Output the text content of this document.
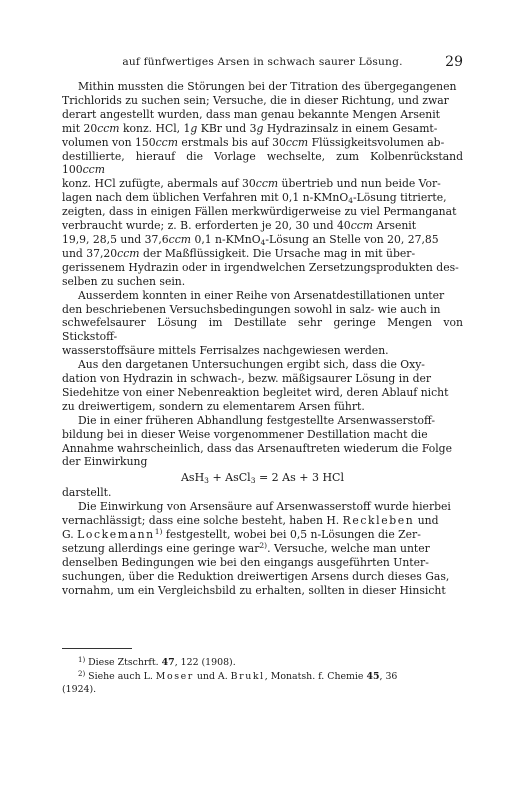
auf fünfwertiges Arsen in schwach saurer Lösung.	29

Mithin mussten die Störungen bei der Titration des übergegangenen
Trichlorids zu suchen sein; Versuche, die in dieser Richtung, und zwar
derart angestellt wurden, dass man genau bekannte Mengen Arsenit
mit 20ccm konz. HCl, 1g KBr und 3g Hydrazinsalz in einem Gesamt-
volumen von 150ccm erstmals bis auf 30ccm Flüssigkeitsvolumen ab-
destillierte, hierauf die Vorlage wechselte, zum Kolbenrückstand 100ccm
konz. HCl zufügte, abermals auf 30ccm übertrieb und nun beide Vor-
lagen nach dem üblichen Verfahren mit 0,1 n-KMnO$_4$-Lösung titrierte,
zeigten, dass in einigen Fällen merkwürdigerweise zu viel Permanganat
verbraucht wurde; z. B. erforderten je 20, 30 und 40ccm Arsenit
19,9, 28,5 und 37,6ccm 0,1 n-KMnO$_4$-Lösung an Stelle von 20, 27,85
und 37,20ccm der Maßflüssigkeit. Die Ursache mag in mit über-
gerissenem Hydrazin oder in irgendwelchen Zersetzungsprodukten des-
selben zu suchen sein.

Ausserdem konnten in einer Reihe von Arsenatdestillationen unter
den beschriebenen Versuchsbedingungen sowohl in salz- wie auch in
schwefelsaurer Lösung im Destillate sehr geringe Mengen von Stickstoff-
wasserstoffsäure mittels Ferrisalzes nachgewiesen werden.

Aus den dargetanen Untersuchungen ergibt sich, dass die Oxy-
dation von Hydrazin in schwach-, bezw. mäßigsaurer Lösung in der
Siedehitze von einer Nebenreaktion begleitet wird, deren Ablauf nicht
zu dreiwertigem, sondern zu elementarem Arsen führt.

Die in einer früheren Abhandlung festgestellte Arsenwasserstoff-
bildung bei in dieser Weise vorgenommener Destillation macht die
Annahme wahrscheinlich, dass das Arsenauftreten wiederum die Folge
der Einwirkung

AsH$_3$ + AsCl$_3$ = 2 As + 3 HCl

darstellt.

Die Einwirkung von Arsensäure auf Arsenwasserstoff wurde hierbei
vernachlässigt; dass eine solche besteht, haben H. Reckleben und
G. Lockemann$^{1)}$ festgestellt, wobei bei 0,5 n-Lösungen die Zer-
setzung allerdings eine geringe war$^{2)}$. Versuche, welche man unter
denselben Bedingungen wie bei den eingangs ausgeführten Unter-
suchungen, über die Reduktion dreiwertigen Arsens durch dieses Gas,
vornahm, um ein Vergleichsbild zu erhalten, sollten in dieser Hinsicht

$^{1)}$ Diese Ztschrft. 47, 122 (1908).

$^{2)}$ Siehe auch L. Moser und A. Brukl, Monatsh. f. Chemie 45, 36
(1924).
